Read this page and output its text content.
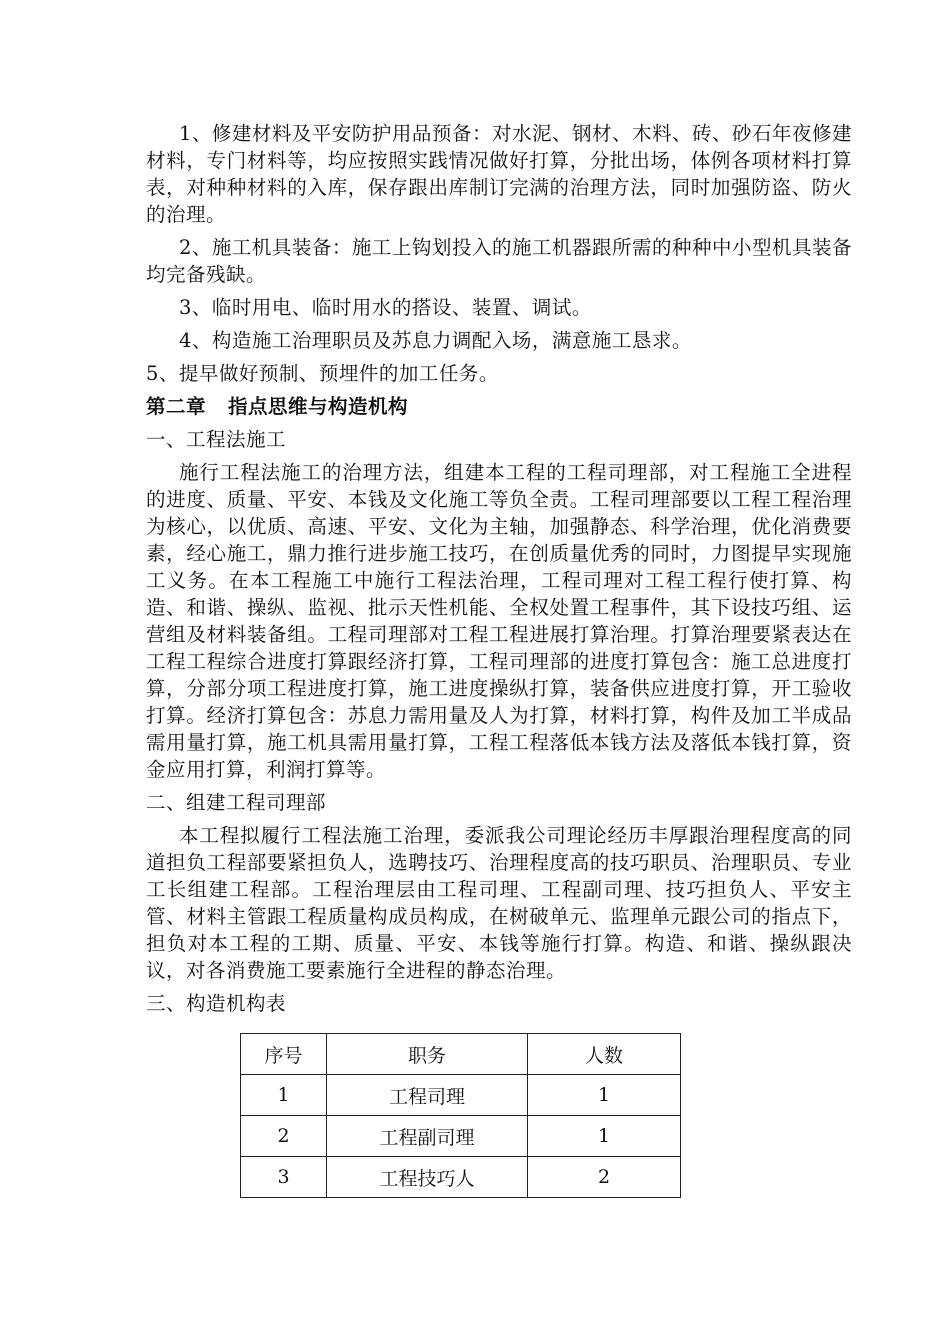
1、修建材料及平安防护用品预备：对水泥、钢材、木料、砖、砂石年夜修建材料，专门材料等，均应按照实践情况做好打算，分批出场，体例各项材料打算表，对种种材料的入库，保存跟出库制订完满的治理方法，同时加强防盗、防火的治理。

2、施工机具装备：施工上钩划投入的施工机器跟所需的种种中小型机具装备均完备残缺。

3、临时用电、临时用水的搭设、装置、调试。

4、构造施工治理职员及苏息力调配入场，满意施工恳求。

5、提早做好预制、预埋件的加工任务。

第二章 指点思维与构造机构
一、工程法施工

施行工程法施工的治理方法，组建本工程的工程司理部，对工程施工全进程的进度、质量、平安、本钱及文化施工等负全责。工程司理部要以工程工程治理为核心，以优质、高速、平安、文化为主轴，加强静态、科学治理，优化消费要素，经心施工，鼎力推行进步施工技巧，在创质量优秀的同时，力图提早实现施工义务。在本工程施工中施行工程法治理，工程司理对工程工程行使打算、构造、和谐、操纵、监视、批示天性机能、全权处置工程事件，其下设技巧组、运营组及材料装备组。工程司理部对工程工程进展打算治理。打算治理要紧表达在工程工程综合进度打算跟经济打算，工程司理部的进度打算包含：施工总进度打算，分部分项工程进度打算，施工进度操纵打算，装备供应进度打算，开工验收打算。经济打算包含：苏息力需用量及人为打算，材料打算，构件及加工半成品需用量打算，施工机具需用量打算，工程工程落低本钱方法及落低本钱打算，资金应用打算，利润打算等。

二、组建工程司理部

本工程拟履行工程法施工治理，委派我公司理论经历丰厚跟治理程度高的同道担负工程部要紧担负人，选聘技巧、治理程度高的技巧职员、治理职员、专业工长组建工程部。工程治理层由工程司理、工程副司理、技巧担负人、平安主管、材料主管跟工程质量构成员构成，在树破单元、监理单元跟公司的指点下，担负对本工程的工期、质量、平安、本钱等施行打算。构造、和谐、操纵跟决议，对各消费施工要素施行全进程的静态治理。

三、构造机构表
序号	职务	人数
1	工程司理	1
2	工程副司理	1
3	工程技巧人	2
